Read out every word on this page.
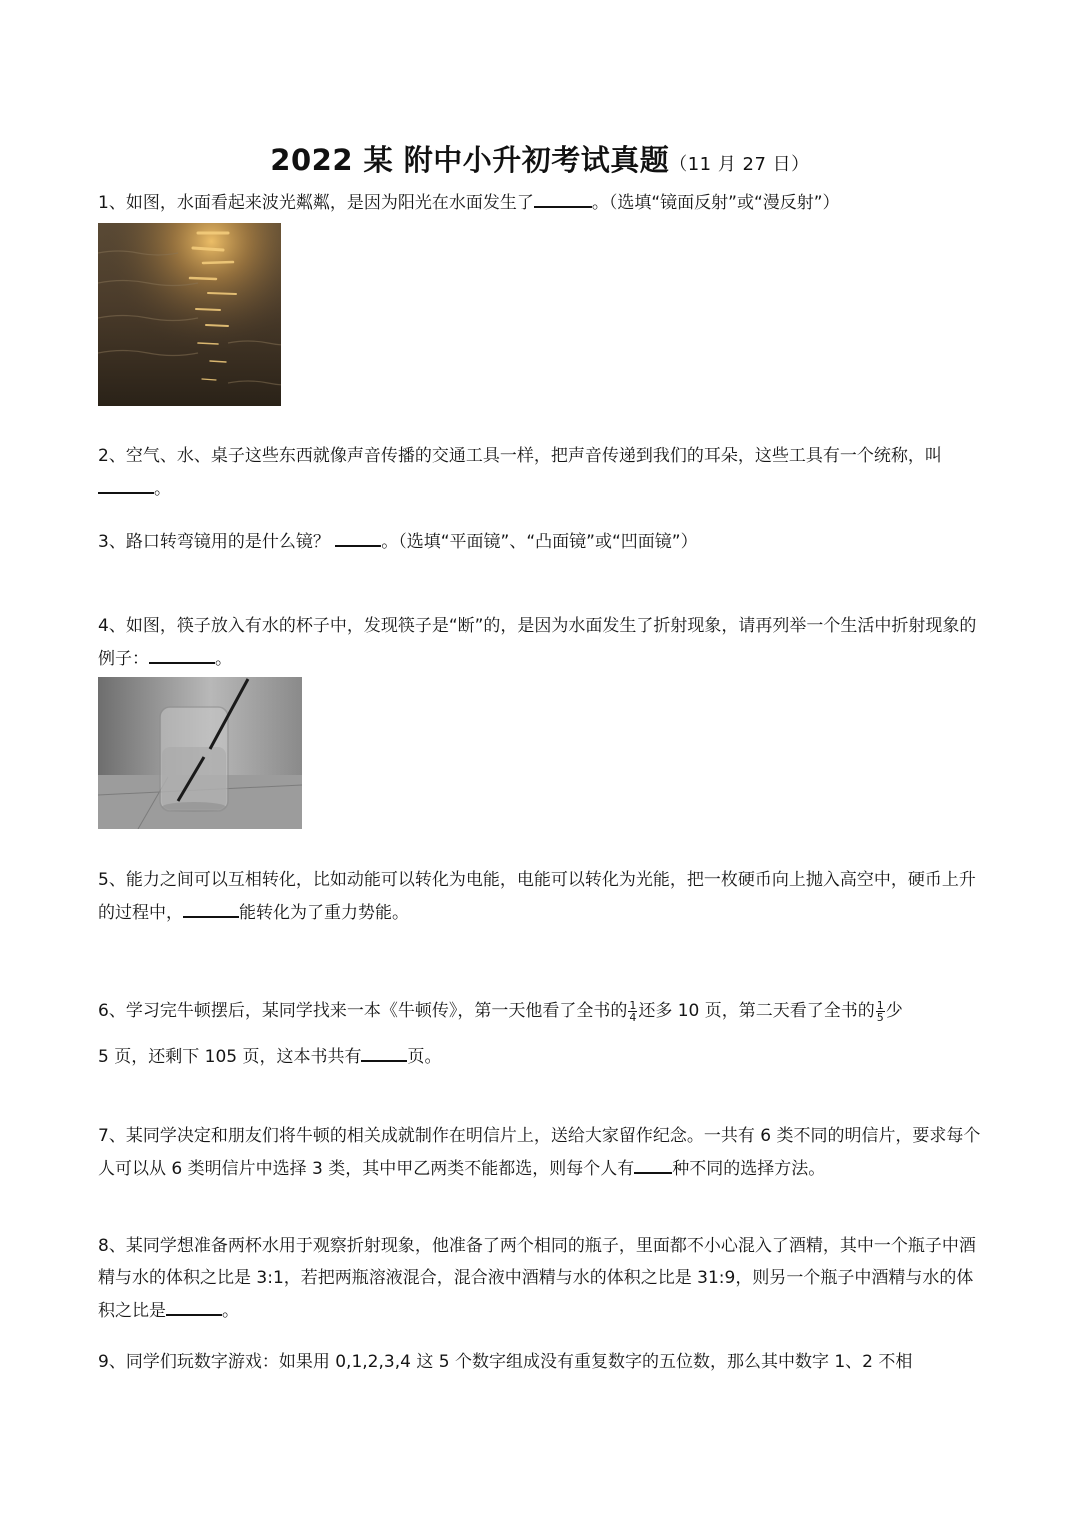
2022 某 附中小升初考试真题（11 月 27 日）
1、如图，水面看起来波光粼粼，是因为阳光在水面发生了	。（选填“镜面反射”或“漫反射”）
2、空气、水、桌子这些东西就像声音传播的交通工具一样，把声音传递到我们的耳朵，这些工具有一个统称，叫。
3、路口转弯镜用的是什么镜？	。（选填“平面镜”、“凸面镜”或“凹面镜”）
4、如图，筷子放入有水的杯子中，发现筷子是“断”的，是因为水面发生了折射现象，请再列举一个生活中折射现象的例子：	。
5、能力之间可以互相转化，比如动能可以转化为电能，电能可以转化为光能，把一枚硬币向上抛入高空中，硬币上升的过程中，	能转化为了重力势能。
6、学习完牛顿摆后，某同学找来一本《牛顿传》，第一天他看了全书的 $\frac{1}{4}$ 还多 10 页，第二天看了全书的 $\frac{1}{5}$ 少
5 页，还剩下 105 页，这本书共有	页。
7、某同学决定和朋友们将牛顿的相关成就制作在明信片上，送给大家留作纪念。一共有 6 类不同的明信片，要求每个人可以从 6 类明信片中选择 3 类，其中甲乙两类不能都选，则每个人有 种不同的选择方法。
8、某同学想准备两杯水用于观察折射现象，他准备了两个相同的瓶子，里面都不小心混入了酒精，其中一个瓶子中酒精与水的体积之比是 3:1，若把两瓶溶液混合，混合液中酒精与水的体积之比是 31:9，则另一个瓶子中酒精与水的体积之比是	。
9、同学们玩数字游戏：如果用 0,1,2,3,4 这 5 个数字组成没有重复数字的五位数，那么其中数字 1、2 不相
